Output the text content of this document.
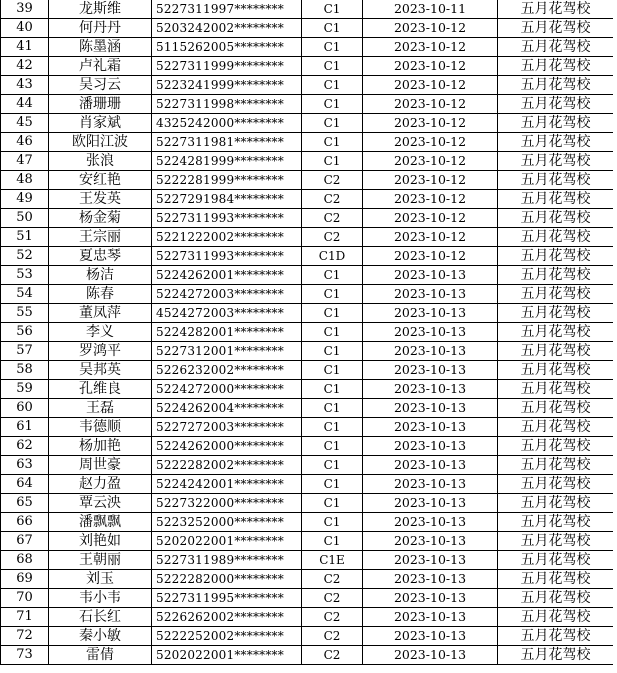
39	龙斯维	5227311997********	C1	2023-10-11	五月花驾校
40	何丹丹	5203242002********	C1	2023-10-12	五月花驾校
41	陈墨涵	5115262005********	C1	2023-10-12	五月花驾校
42	卢礼霜	5227311999********	C1	2023-10-12	五月花驾校
43	吴习云	5223241999********	C1	2023-10-12	五月花驾校
44	潘珊珊	5227311998********	C1	2023-10-12	五月花驾校
45	肖家斌	4325242000********	C1	2023-10-12	五月花驾校
46	欧阳江波	5227311981********	C1	2023-10-12	五月花驾校
47	张浪	5224281999********	C1	2023-10-12	五月花驾校
48	安红艳	5222281999********	C2	2023-10-12	五月花驾校
49	王发英	5227291984********	C2	2023-10-12	五月花驾校
50	杨金菊	5227311993********	C2	2023-10-12	五月花驾校
51	王宗丽	5221222002********	C2	2023-10-12	五月花驾校
52	夏忠琴	5227311993********	C1D	2023-10-12	五月花驾校
53	杨洁	5224262001********	C1	2023-10-13	五月花驾校
54	陈春	5224272003********	C1	2023-10-13	五月花驾校
55	董凤萍	4524272003********	C1	2023-10-13	五月花驾校
56	李义	5224282001********	C1	2023-10-13	五月花驾校
57	罗鸿平	5227312001********	C1	2023-10-13	五月花驾校
58	吴邦英	5226232002********	C1	2023-10-13	五月花驾校
59	孔维良	5224272000********	C1	2023-10-13	五月花驾校
60	王磊	5224262004********	C1	2023-10-13	五月花驾校
61	韦德顺	5227272003********	C1	2023-10-13	五月花驾校
62	杨加艳	5224262000********	C1	2023-10-13	五月花驾校
63	周世豪	5222282002********	C1	2023-10-13	五月花驾校
64	赵力盈	5224242001********	C1	2023-10-13	五月花驾校
65	覃云泱	5227322000********	C1	2023-10-13	五月花驾校
66	潘飘飘	5223252000********	C1	2023-10-13	五月花驾校
67	刘艳如	5202022001********	C1	2023-10-13	五月花驾校
68	王朝丽	5227311989********	C1E	2023-10-13	五月花驾校
69	刘玉	5222282000********	C2	2023-10-13	五月花驾校
70	韦小韦	5227311995********	C2	2023-10-13	五月花驾校
71	石长红	5226262002********	C2	2023-10-13	五月花驾校
72	秦小敏	5222252002********	C2	2023-10-13	五月花驾校
73	雷倩	5202022001********	C2	2023-10-13	五月花驾校
